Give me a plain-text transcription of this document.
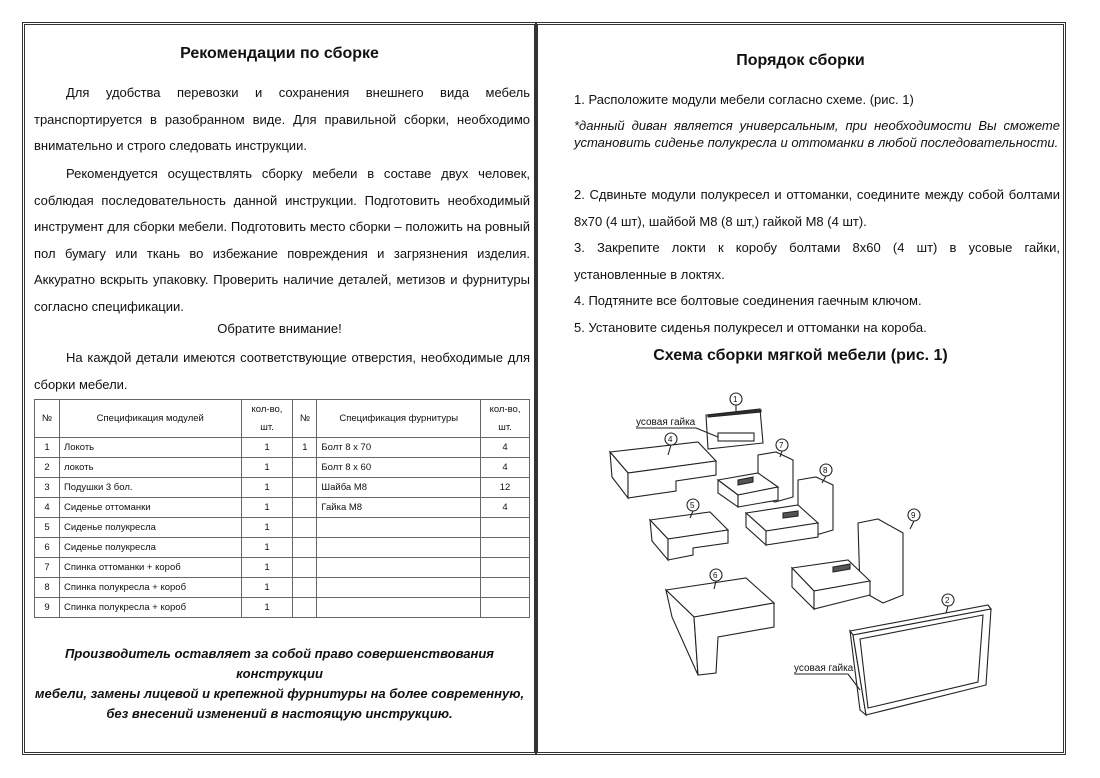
Рекомендации по сборке
Для удобства перевозки и сохранения внешнего вида мебель транспортируется в разобранном виде. Для правильной сборки, необходимо внимательно и строго следовать инструкции.
Рекомендуется осуществлять сборку мебели в составе двух человек, соблюдая последовательность данной инструкции. Подготовить необходимый инструмент для сборки мебели. Подготовить место сборки – положить на ровный пол бумагу или ткань во избежание повреждения и загрязнения изделия. Аккуратно вскрыть упаковку. Проверить наличие деталей, метизов и фурнитуры согласно спецификации.
Обратите внимание!
На каждой детали имеются соответствующие отверстия, необходимые для сборки мебели.
№	Спецификация модулей	кол-во, шт.	№	Спецификация фурнитуры	кол-во, шт.
1	Локоть	1	1	Болт 8 х 70	4
2	локоть	1		Болт 8 х 60	4
3	Подушки 3 бол.	1		Шайба М8	12
4	Сиденье оттоманки	1		Гайка М8	4
5	Сиденье полукресла	1			
6	Сиденье полукресла	1			
7	Спинка оттоманки + короб	1			
8	Спинка полукресла + короб	1			
9	Спинка полукресла + короб	1			
Производитель оставляет за собой право совершенствования конструкции
мебели, замены лицевой и крепежной фурнитуры на более современную,
без внесений изменений в настоящую инструкцию.
Порядок сборки
1. Расположите модули мебели согласно схеме. (рис. 1)
*данный диван является универсальным, при необходимости Вы сможете установить сиденье полукресла и оттоманки в любой последовательности.
2. Сдвиньте модули полукресел и оттоманки, соедините между собой болтами 8х70 (4 шт), шайбой М8 (8 шт,) гайкой М8 (4 шт).
3. Закрепите локти к коробу болтами 8х60 (4 шт) в усовые гайки, установленные в локтях.
4. Подтяните все болтовые соединения гаечным ключом.
5. Установите сиденья полукресел и оттоманки на короба.
Схема сборки мягкой мебели (рис. 1)
усовая гайка
усовая гайка
1
2
4
5
6
7
8
9
